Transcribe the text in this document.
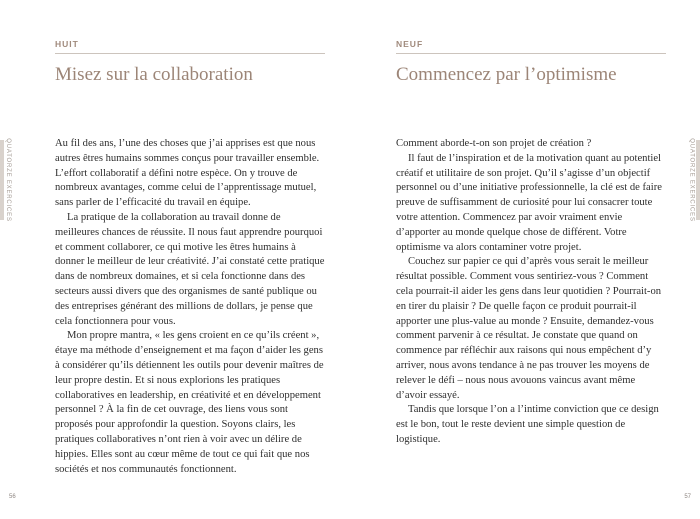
QUATORZE EXERCICES
HUIT
Misez sur la collaboration

Au fil des ans, l’une des choses que j’ai apprises est que nous autres êtres humains sommes conçus pour travailler ensemble. L’effort collaboratif a défini notre espèce. On y trouve de nombreux avantages, comme celui de l’apprentissage mutuel, sans parler de l’efficacité du travail en équipe.

La pratique de la collaboration au travail donne de meilleures chances de réussite. Il nous faut apprendre pourquoi et comment collaborer, ce qui motive les êtres humains à donner le meilleur de leur créativité. J’ai constaté cette pratique dans de nombreux domaines, et si cela fonctionne dans des secteurs aussi divers que des organismes de santé publique ou des entreprises générant des millions de dollars, je pense que cela fonctionnera pour vous.

Mon propre mantra, « les gens croient en ce qu’ils créent », étaye ma méthode d’enseignement et ma façon d’aider les gens à considérer qu’ils détiennent les outils pour devenir maîtres de leur propre destin. Et si nous explorions les pratiques collaboratives en leadership, en créativité et en développement personnel ? À la fin de cet ouvrage, des liens vous sont proposés pour approfondir la question. Soyons clairs, les pratiques collaboratives n’ont rien à voir avec un délire de hippies. Elles sont au cœur même de tout ce qui fait que nos sociétés et nos communautés fonctionnent.

56
QUATORZE EXERCICES
NEUF
Commencez par l’optimisme

Comment aborde-t-on son projet de création ?

Il faut de l’inspiration et de la motivation quant au potentiel créatif et utilitaire de son projet. Qu’il s’agisse d’un objectif personnel ou d’une initiative professionnelle, la clé est de faire preuve de suffisamment de curiosité pour lui consacrer toute votre attention. Commencez par avoir vraiment envie d’apporter au monde quelque chose de différent. Votre optimisme va alors contaminer votre projet.

Couchez sur papier ce qui d’après vous serait le meilleur résultat possible. Comment vous sentiriez-vous ? Comment cela pourrait-il aider les gens dans leur quotidien ? Pourrait-on en tirer du plaisir ? De quelle façon ce produit pourrait-il apporter une plus-value au monde ? Ensuite, demandez-vous comment parvenir à ce résultat. Je constate que quand on commence par réfléchir aux raisons qui nous empêchent d’y arriver, nous avons tendance à ne pas trouver les moyens de relever le défi – nous nous avouons vaincus avant même d’avoir essayé.

Tandis que lorsque l’on a l’intime conviction que ce design est le bon, tout le reste devient une simple question de logistique.

57
